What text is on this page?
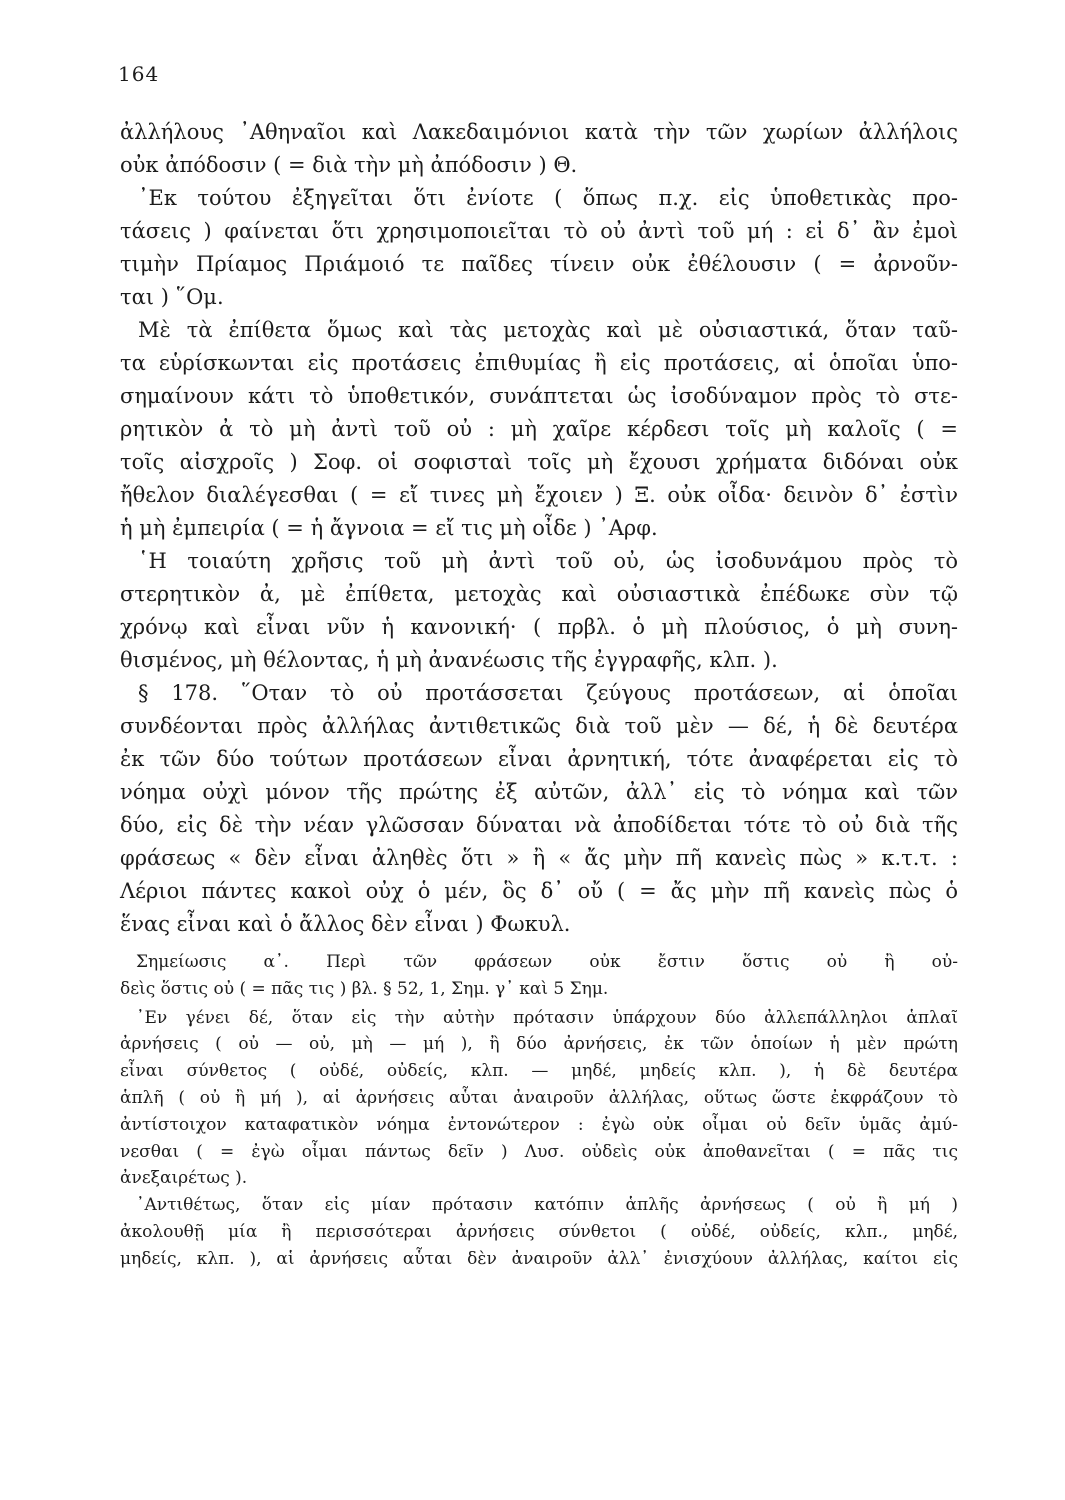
164
ἀλλήλους ᾿Αθηναῖοι καὶ Λακεδαιμόνιοι κατὰ τὴν τῶν χωρίων ἀλλήλοις
οὐκ ἀπόδοσιν ( = διὰ τὴν μὴ ἀπόδοσιν ) Θ.
᾿Εκ τούτου ἐξηγεῖται ὅτι ἐνίοτε ( ὅπως π.χ. εἰς ὑποθετικὰς προ-
τάσεις ) φαίνεται ὅτι χρησιμοποιεῖται τὸ οὐ ἀντὶ τοῦ μή : εἰ δ᾽ ἂν ἐμοὶ
τιμὴν Πρίαμος Πριάμοιό τε παῖδες τίνειν οὐκ ἐθέλουσιν ( = ἀρνοῦν-
ται ) ῞Ομ.
Μὲ τὰ ἐπίθετα ὅμως καὶ τὰς μετοχὰς καὶ μὲ οὐσιαστικά, ὅταν ταῦ-
τα εὑρίσκωνται εἰς προτάσεις ἐπιθυμίας ἢ εἰς προτάσεις, αἱ ὁποῖαι ὑπο-
σημαίνουν κάτι τὸ ὑποθετικόν, συνάπτεται ὡς ἰσοδύναμον πρὸς τὸ στε-
ρητικὸν ἀ τὸ μὴ ἀντὶ τοῦ οὐ : μὴ χαῖρε κέρδεσι τοῖς μὴ καλοῖς ( =
τοῖς αἰσχροῖς ) Σοφ. οἱ σοφισταὶ τοῖς μὴ ἔχουσι χρήματα διδόναι οὐκ
ἤθελον διαλέγεσθαι ( = εἴ τινες μὴ ἔχοιεν ) Ξ. οὐκ οἶδα· δεινὸν δ᾽ ἐστὶν
ἡ μὴ ἐμπειρία ( = ἡ ἄγνοια = εἴ τις μὴ οἶδε ) ᾿Αρφ.
῾Η τοιαύτη χρῆσις τοῦ μὴ ἀντὶ τοῦ οὐ, ὡς ἰσοδυνάμου πρὸς τὸ
στερητικὸν ἀ, μὲ ἐπίθετα, μετοχὰς καὶ οὐσιαστικὰ ἐπέδωκε σὺν τῷ
χρόνῳ καὶ εἶναι νῦν ἡ κανονική· ( πρβλ. ὁ μὴ πλούσιος, ὁ μὴ συνη-
θισμένος, μὴ θέλοντας, ἡ μὴ ἀνανέωσις τῆς ἐγγραφῆς, κλπ. ).
§ 178. ῞Οταν τὸ οὐ προτάσσεται ζεύγους προτάσεων, αἱ ὁποῖαι
συνδέονται πρὸς ἀλλήλας ἀντιθετικῶς διὰ τοῦ μὲν — δέ, ἡ δὲ δευτέρα
ἐκ τῶν δύο τούτων προτάσεων εἶναι ἀρνητική, τότε ἀναφέρεται εἰς τὸ
νόημα οὐχὶ μόνον τῆς πρώτης ἐξ αὐτῶν, ἀλλ᾽ εἰς τὸ νόημα καὶ τῶν
δύο, εἰς δὲ τὴν νέαν γλῶσσαν δύναται νὰ ἀποδίδεται τότε τὸ οὐ διὰ τῆς
φράσεως « δὲν εἶναι ἀληθὲς ὅτι » ἢ « ἄς μὴν πῆ κανεὶς πὼς » κ.τ.τ. :
Λέριοι πάντες κακοὶ οὐχ ὁ μέν, ὃς δ᾽ οὔ ( = ἄς μὴν πῆ κανεὶς πὼς ὁ
ἕνας εἶναι καὶ ὁ ἄλλος δὲν εἶναι ) Φωκυλ.
Σημείωσις α᾽. Περὶ τῶν φράσεων οὐκ ἔστιν ὅστις οὐ ἢ οὐ-
δεὶς ὅστις οὐ ( = πᾶς τις ) βλ. § 52, 1, Σημ. γ᾽ καὶ 5 Σημ.
᾿Εν γένει δέ, ὅταν εἰς τὴν αὐτὴν πρότασιν ὑπάρχουν δύο ἀλλεπάλληλοι ἁπλαῖ
ἀρνήσεις ( οὐ — οὐ, μὴ — μή ), ἢ δύο ἀρνήσεις, ἐκ τῶν ὁποίων ἡ μὲν πρώτη
εἶναι σύνθετος ( οὐδέ, οὐδείς, κλπ. — μηδέ, μηδείς κλπ. ), ἡ δὲ δευτέρα
ἁπλῆ ( οὐ ἢ μή ), αἱ ἀρνήσεις αὗται ἀναιροῦν ἀλλήλας, οὕτως ὥστε ἐκφράζουν τὸ
ἀντίστοιχον καταφατικὸν νόημα ἐντονώτερον : ἐγὼ οὐκ οἶμαι οὐ δεῖν ὑμᾶς ἀμύ-
νεσθαι ( = ἐγὼ οἶμαι πάντως δεῖν ) Λυσ. οὐδεὶς οὐκ ἀποθανεῖται ( = πᾶς τις
ἀνεξαιρέτως ).
᾿Αντιθέτως, ὅταν εἰς μίαν πρότασιν κατόπιν ἁπλῆς ἀρνήσεως ( οὐ ἢ μή )
ἀκολουθῇ μία ἢ περισσότεραι ἀρνήσεις σύνθετοι ( οὐδέ, οὐδείς, κλπ., μηδέ,
μηδείς, κλπ. ), αἱ ἀρνήσεις αὗται δὲν ἀναιροῦν ἀλλ᾽ ἐνισχύουν ἀλλήλας, καίτοι εἰς
